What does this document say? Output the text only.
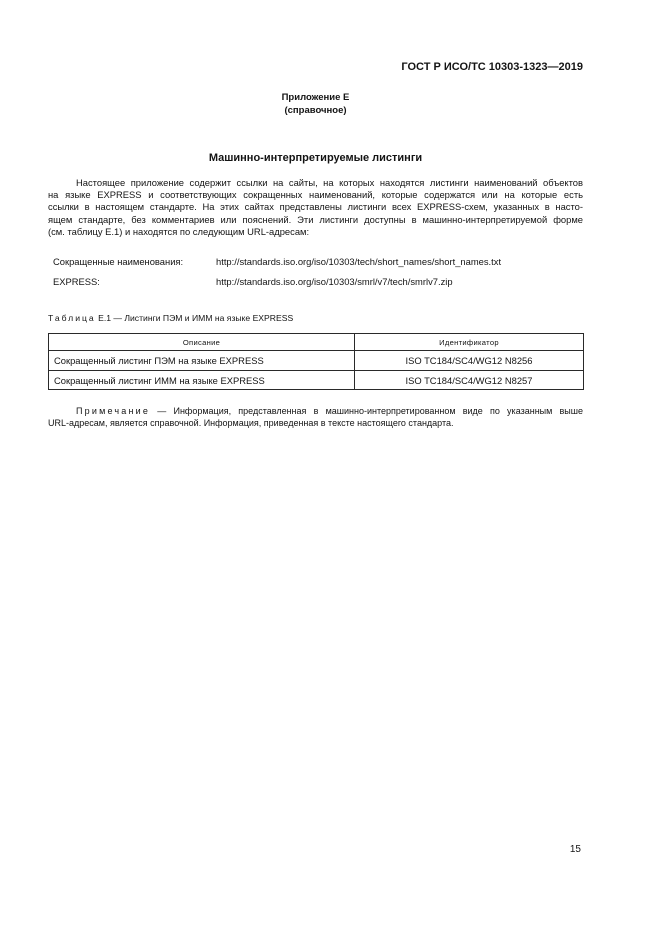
ГОСТ Р ИСО/ТС 10303-1323—2019
Приложение Е
(справочное)
Машинно-интерпретируемые листинги
Настоящее приложение содержит ссылки на сайты, на которых находятся листинги наименований объектов
на языке EXPRESS и соответствующих сокращенных наименований, которые содержатся или на которые есть
ссылки в настоящем стандарте. На этих сайтах представлены листинги всех EXPRESS-схем, указанных в насто-
ящем стандарте, без комментариев или пояснений. Эти листинги доступны в машинно-интерпретируемой форме
(см. таблицу Е.1) и находятся по следующим URL-адресам:
Сокращенные наименования:	http://standards.iso.org/iso/10303/tech/short_names/short_names.txt
EXPRESS:	http://standards.iso.org/iso/10303/smrl/v7/tech/smrlv7.zip
Таблица Е.1 — Листинги ПЭМ и ИММ на языке EXPRESS
Описание	Идентификатор
Сокращенный листинг ПЭМ на языке EXPRESS	ISO TC184/SC4/WG12 N8256
Сокращенный листинг ИММ на языке EXPRESS	ISO TC184/SC4/WG12 N8257
Примечание — Информация, представленная в машинно-интерпретированном виде по указанным выше
URL-адресам, является справочной. Информация, приведенная в тексте настоящего стандарта.
15
